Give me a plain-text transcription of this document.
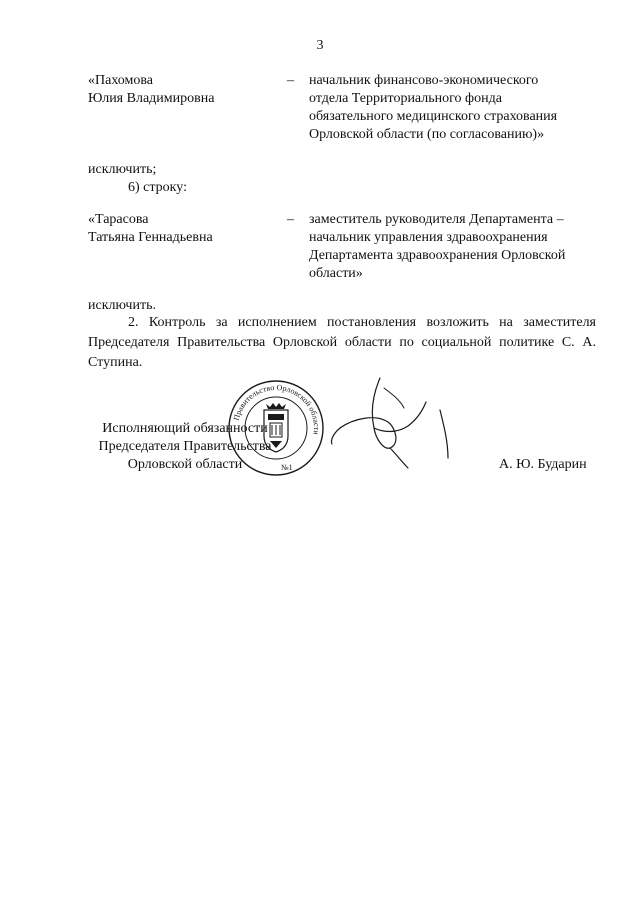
3
«Пахомова
Юлия Владимировна
– начальник финансово-экономического
отдела Территориального фонда
обязательного медицинского страхования
Орловской области (по согласованию)»
исключить;
6) строку:
«Тарасова
Татьяна Геннадьевна
– заместитель руководителя Департамента –
начальник управления здравоохранения
Департамента здравоохранения Орловской
области»
исключить.
2. Контроль за исполнением постановления возложить на заместителя Председателя Правительства Орловской области по социальной политике С. А. Ступина.
Исполняющий обязанности
Председателя Правительства
Орловской области
Правительство Орловской области
№1	А. Ю. Бударин
